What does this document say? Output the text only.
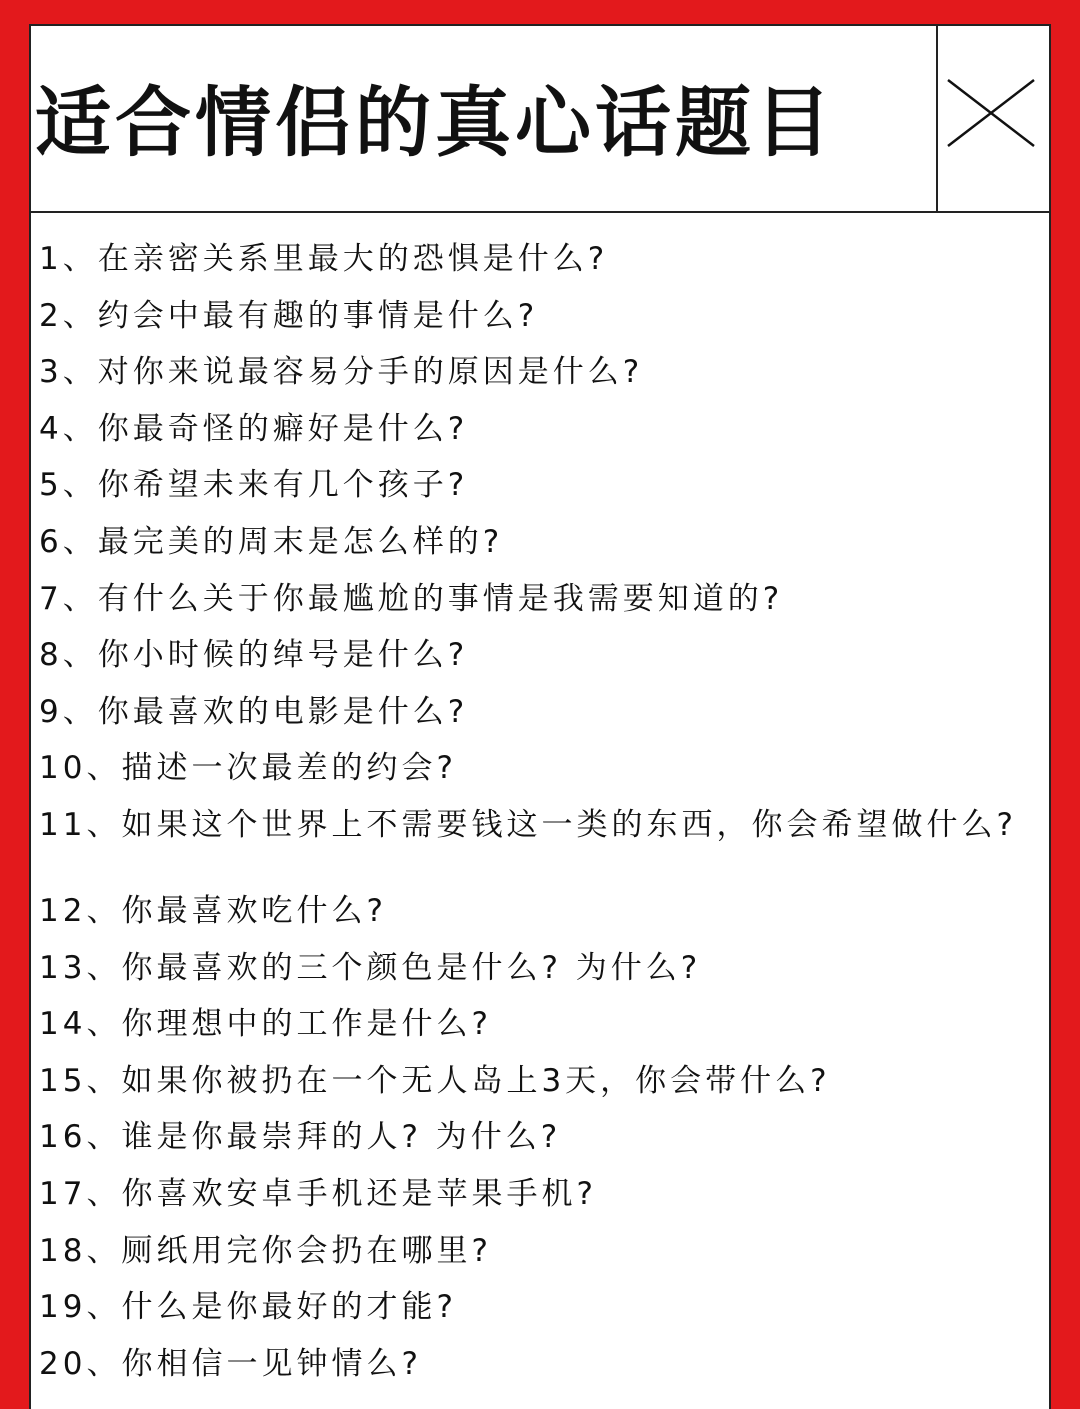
适合情侣的真心话题目
1、在亲密关系里最大的恐惧是什么?
2、约会中最有趣的事情是什么?
3、对你来说最容易分手的原因是什么?
4、你最奇怪的癖好是什么?
5、你希望未来有几个孩子?
6、最完美的周末是怎么样的?
7、有什么关于你最尴尬的事情是我需要知道的?
8、你小时候的绰号是什么?
9、你最喜欢的电影是什么?
10、描述一次最差的约会?
11、如果这个世界上不需要钱这一类的东西，你会希望做什么?
12、你最喜欢吃什么?
13、你最喜欢的三个颜色是什么? 为什么?
14、你理想中的工作是什么?
15、如果你被扔在一个无人岛上3天，你会带什么?
16、谁是你最崇拜的人? 为什么?
17、你喜欢安卓手机还是苹果手机?
18、厕纸用完你会扔在哪里?
19、什么是你最好的才能?
20、你相信一见钟情么?
